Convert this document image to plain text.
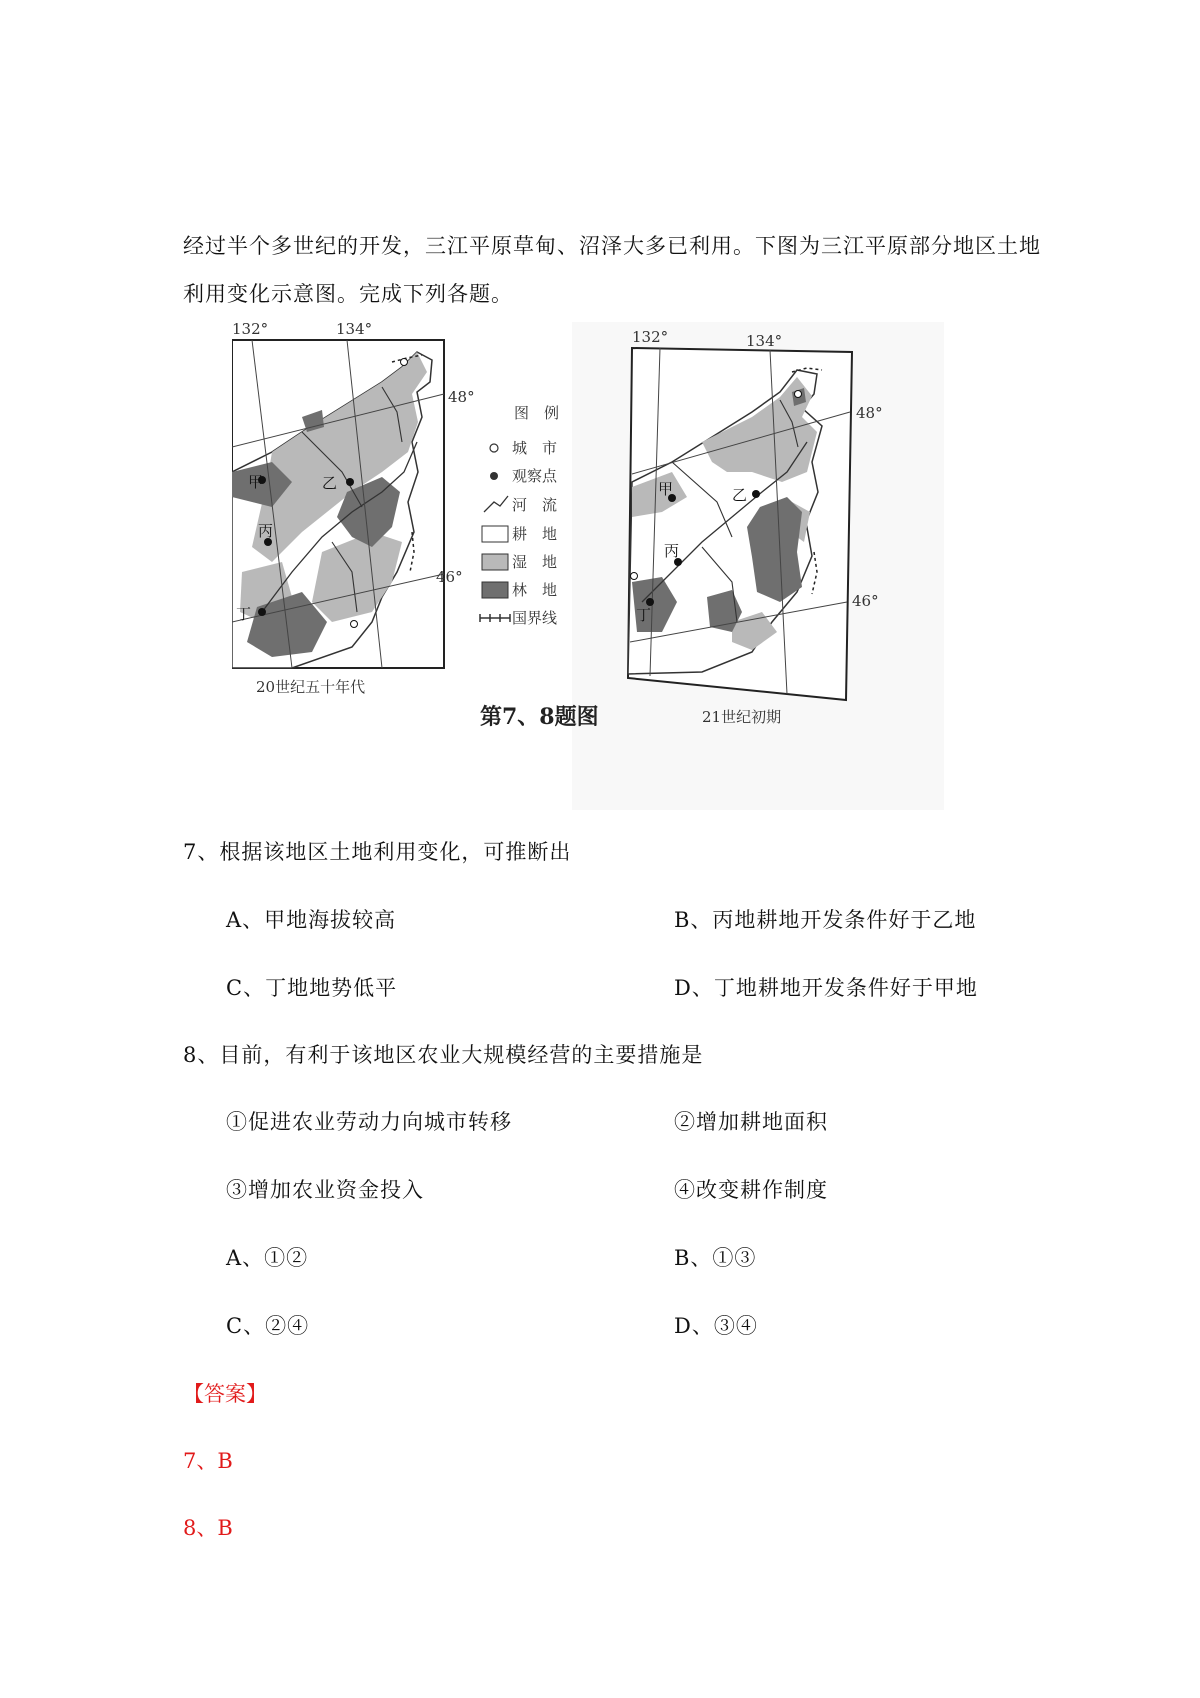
经过半个多世纪的开发，三江平原草甸、沼泽大多已利用。下图为三江平原部分地区土地
利用变化示意图。完成下列各题。
132°	134°
48°
46°
甲	乙
丙
丁
20世纪五十年代
图　例
城　市
观察点
河　流
耕　地
湿　地
林　地
国界线
第7、8题图
132°	134°
48°
46°
甲	乙
丙
丁
21世纪初期
7、根据该地区土地利用变化，可推断出
A、甲地海拔较高	B、丙地耕地开发条件好于乙地
C、丁地地势低平	D、丁地耕地开发条件好于甲地
8、目前，有利于该地区农业大规模经营的主要措施是
①促进农业劳动力向城市转移	②增加耕地面积
③增加农业资金投入	④改变耕作制度
A、①②	B、①③
C、②④	D、③④
【答案】
7、B
8、B
